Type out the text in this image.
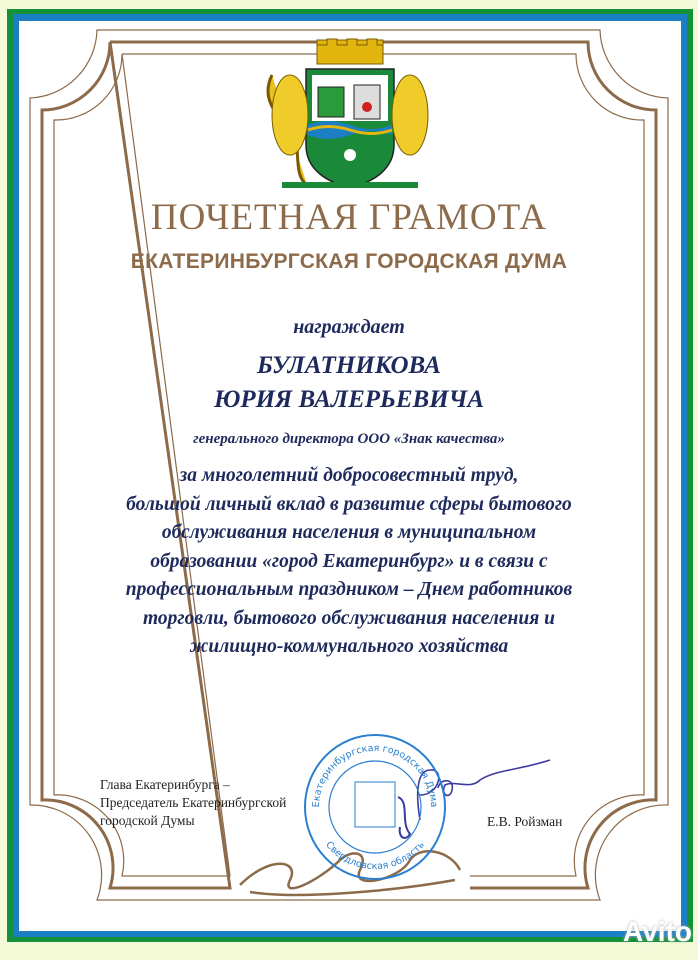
ПОЧЕТНАЯ ГРАМОТА
ЕКАТЕРИНБУРГСКАЯ ГОРОДСКАЯ ДУМА
награждает
БУЛАТНИКОВА
ЮРИЯ ВАЛЕРЬЕВИЧА
генерального директора ООО «Знак качества»
за многолетний добросовестный труд,
большой личный вклад в развитие сферы бытового
обслуживания населения в муниципальном
образовании «город Екатеринбург» и в связи с
профессиональным праздником – Днем работников
торговли, бытового обслуживания населения и
жилищно-коммунального хозяйства
Глава Екатеринбурга –
Председатель Екатеринбургской
городской Думы
Екатеринбургская городская Дума
Свердловская область
Е.В. Ройзман
Avito
